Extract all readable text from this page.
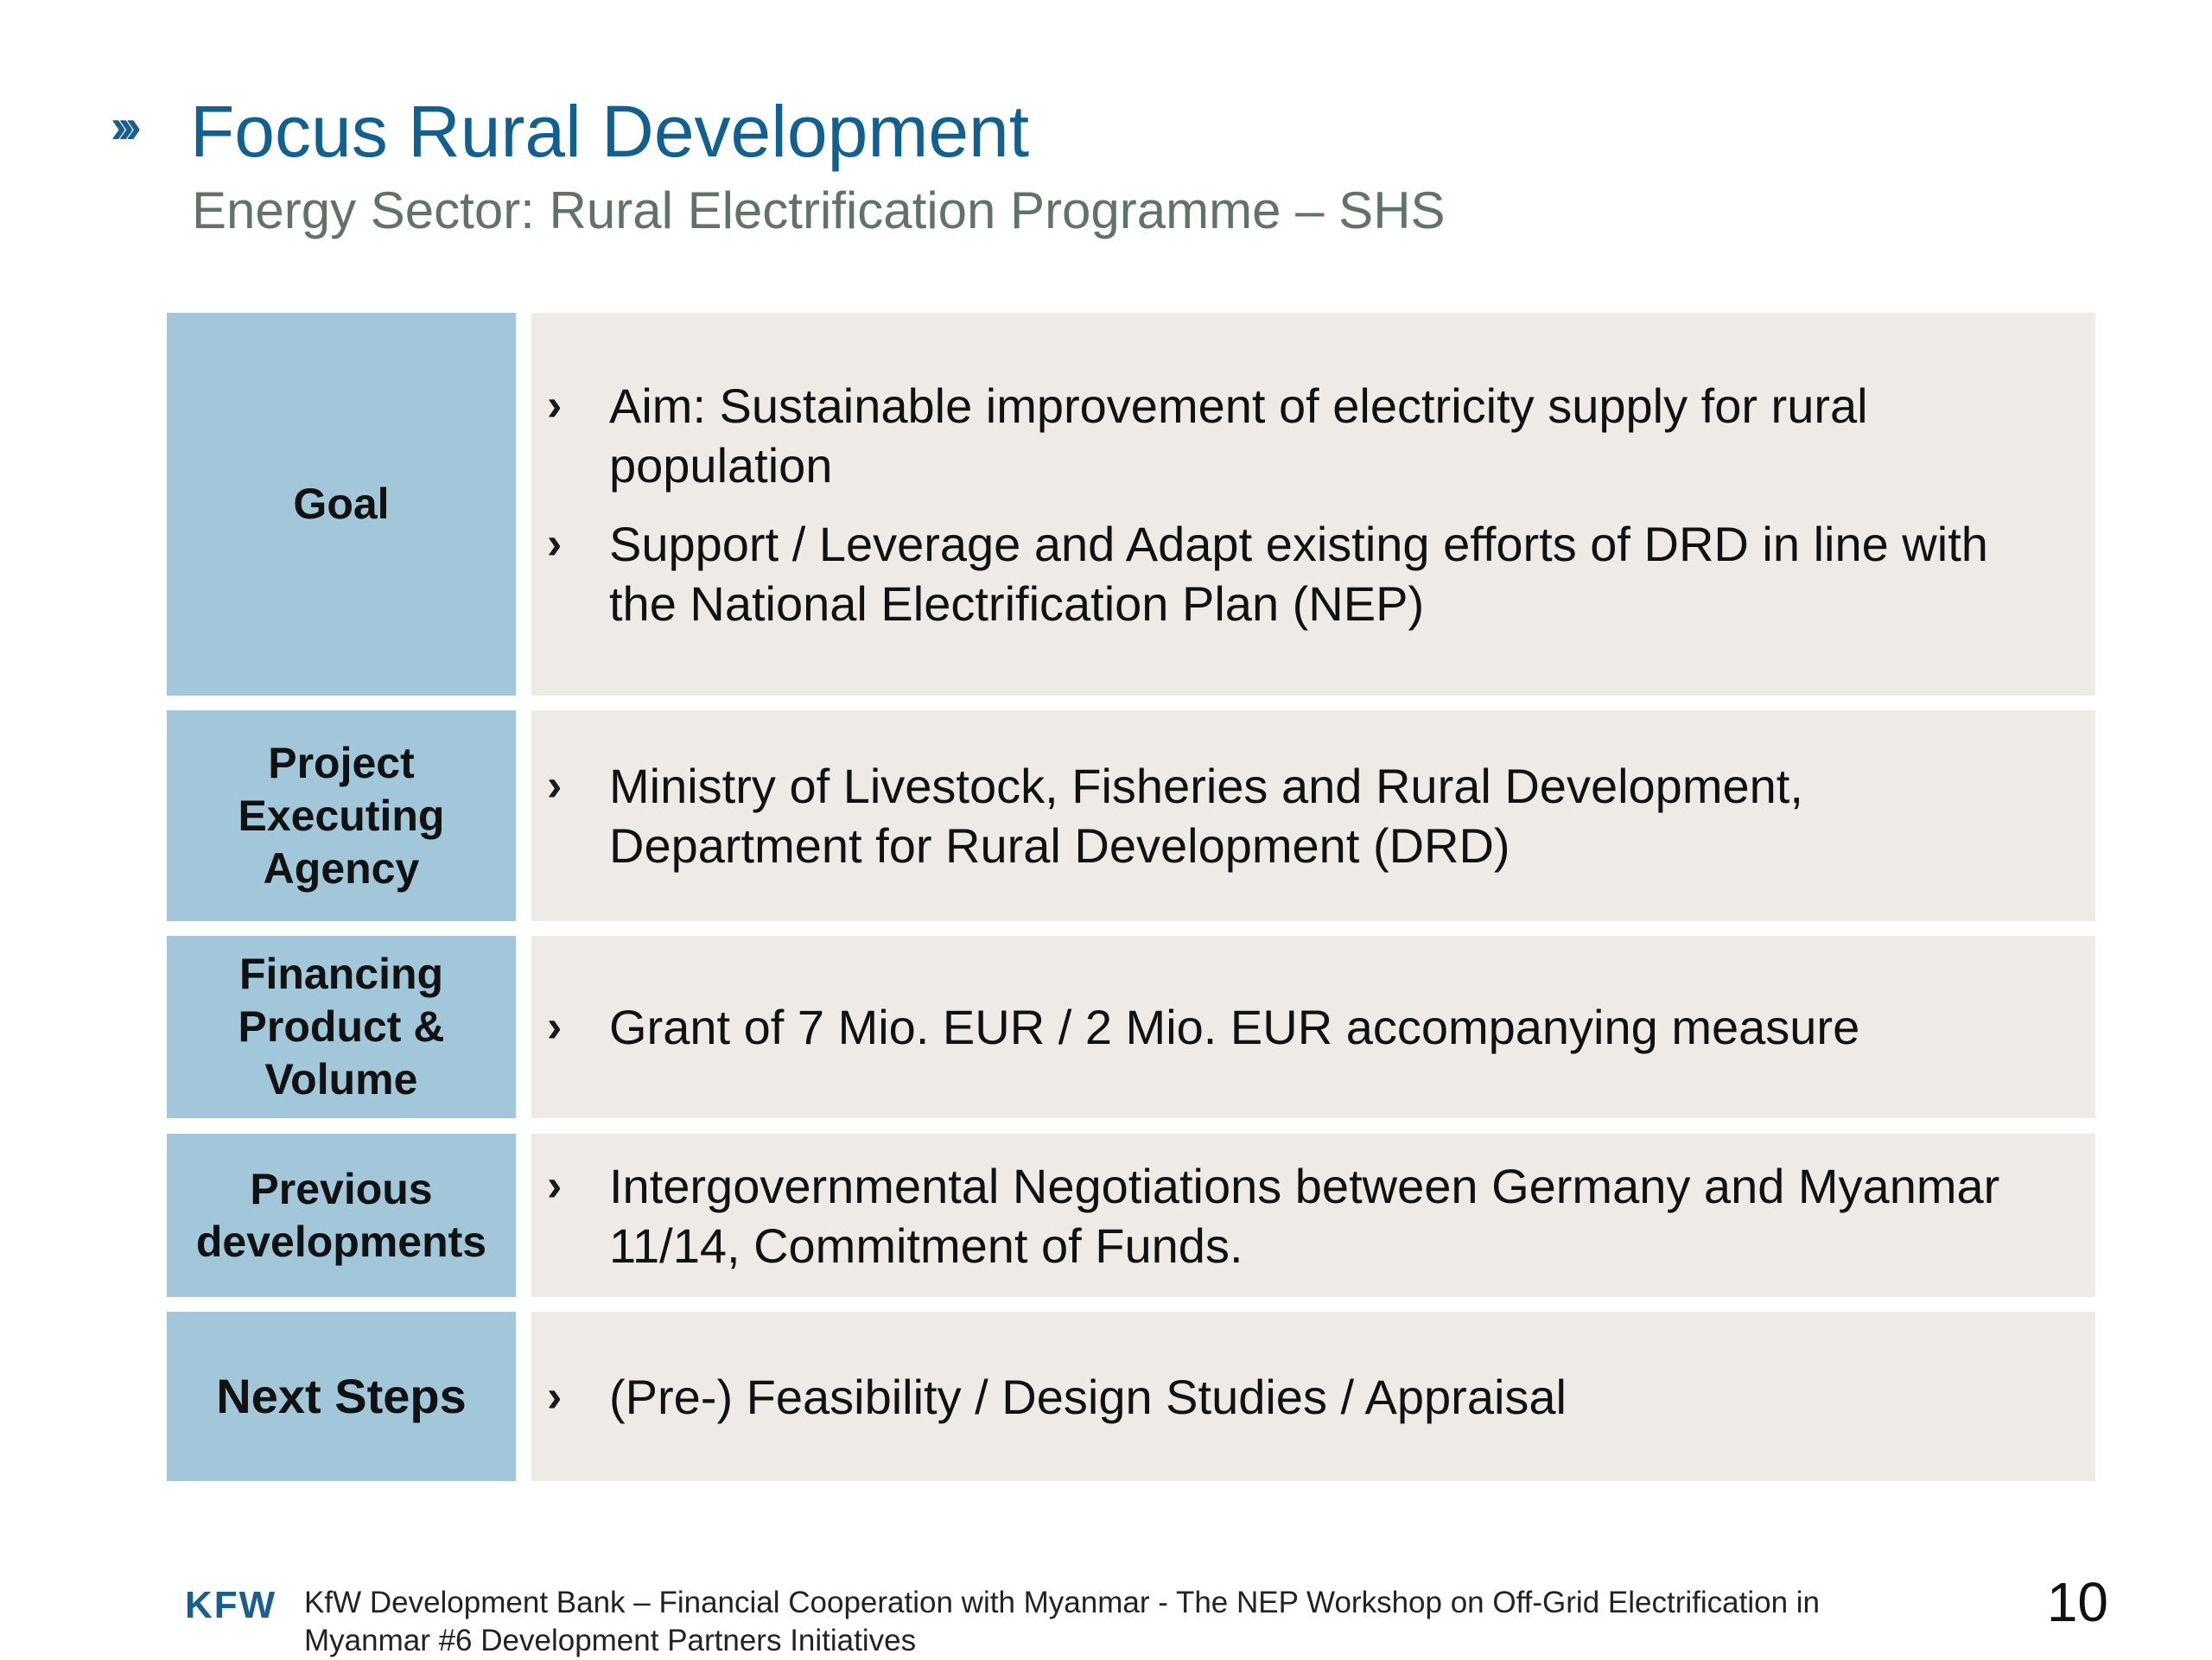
››› Focus Rural Development
Energy Sector: Rural Electrification Programme – SHS
Goal
› Aim: Sustainable improvement of electricity supply for rural population
› Support / Leverage and Adapt existing efforts of DRD in line with the National Electrification Plan (NEP)
Project
Executing
Agency
› Ministry of Livestock, Fisheries and Rural Development, Department for Rural Development (DRD)
Financing
Product &
Volume
› Grant of 7 Mio. EUR / 2 Mio. EUR accompanying measure
Previous
developments
› Intergovernmental Negotiations between Germany and Myanmar 11/14, Commitment of Funds.
Next Steps › (Pre-) Feasibility / Design Studies / Appraisal
KFW KfW Development Bank – Financial Cooperation with Myanmar - The NEP Workshop on Off-Grid Electrification in Myanmar #6 Development Partners Initiatives
10
